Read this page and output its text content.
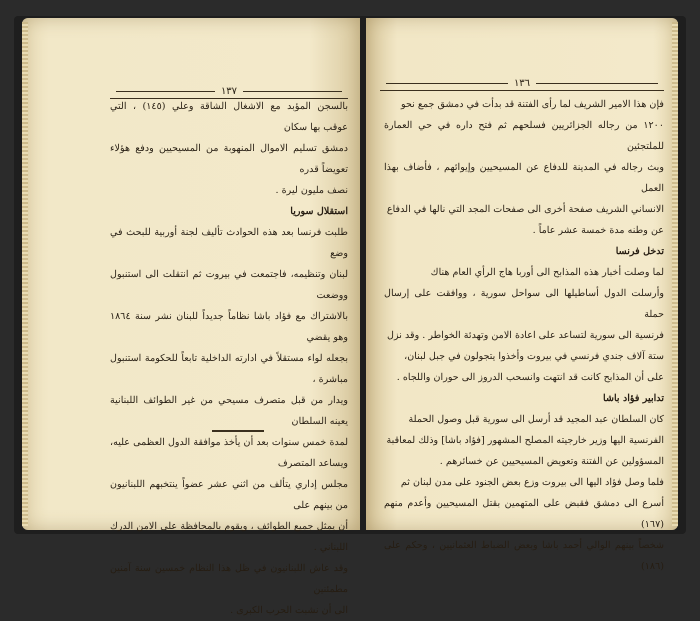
١٣٧

بالسجن المؤبد مع الاشغال الشاقة وعلي (١٤٥) ، التي عوقب بها سكان

دمشق تسليم الاموال المنهوبة من المسيحيين ودفع هؤلاء تعويضاً قدره

نصف مليون ليرة .

استقلال سوريا

طلبت فرنسا بعد هذه الحوادث تأليف لجنة أوربية للبحث في وضع

لبنان وتنظيمه، فاجتمعت في بيروت ثم انتقلت الى استنبول ووضعت

بالاشتراك مع فؤاد باشا نظاماً جديداً للبنان نشر سنة ١٨٦٤ وهو يقضي

بجعله لواء مستقلاً في ادارته الداخلية تابعاً للحكومة استنبول مباشرة ،

ويدار من قبل متصرف مسيحي من غير الطوائف اللبنانية يعينه السلطان

لمدة خمس سنوات بعد أن يأخذ موافقة الدول العظمى عليه، ويساعد المتصرف

مجلس إداري يتألف من اثني عشر عضواً ينتخبهم اللبنانيون من بينهم على

أن يمثل جميع الطوائف ، ويقوم بالمحافظة على الامن الدرك اللبناني .

وقد عاش اللبنانيون في ظل هذا النظام خمسين سنة آمنين مطمئنين

الى أن نشبت الحرب الكبرى .

١٣٦

فإن هذا الامير الشريف لما رأى الفتنة قد بدأت في دمشق جمع نحو

١٢٠٠ من رجاله الجزائريين فسلحهم ثم فتح داره في حي العمارة للملتجئين

وبث رجاله في المدينة للدفاع عن المسيحيين وإيوائهم ، فأضاف بهذا العمل

الانساني الشريف صفحة أخرى الى صفحات المجد التي نالها في الدفاع

عن وطنه مدة خمسة عشر عاماً .

تدخل فرنسا

لما وصلت أخبار هذه المذابح الى أوربا هاج الرأي العام هناك

وأرسلت الدول أساطيلها الى سواحل سورية ، ووافقت على إرسال حملة

فرنسية الى سورية لتساعد على اعادة الامن وتهدئة الخواطر . وقد نزل

ستة آلاف جندي فرنسي في بيروت وأخذوا يتجولون في جبل لبنان،

على أن المذابح كانت قد انتهت وانسحب الدروز الى حوران واللجاه .

تدابير فؤاد باشا

كان السلطان عبد المجيد قد أرسل الى سورية قبل وصول الحملة

الفرنسية اليها وزير خارجيته المصلح المشهور [فؤاد باشا] وذلك لمعاقبة

المسؤولين عن الفتنة وتعويض المسيحيين عن خسائرهم .

فلما وصل فؤاد اليها الى بيروت وزع بعض الجنود على مدن لبنان ثم

أسرع الى دمشق فقبض على المتهمين بقتل المسيحيين وأعدم منهم (١٦٧)

شخصاً بينهم الوالي أحمد باشا وبعض الضباط العثمانيين ، وحكم على (١٨٦)
